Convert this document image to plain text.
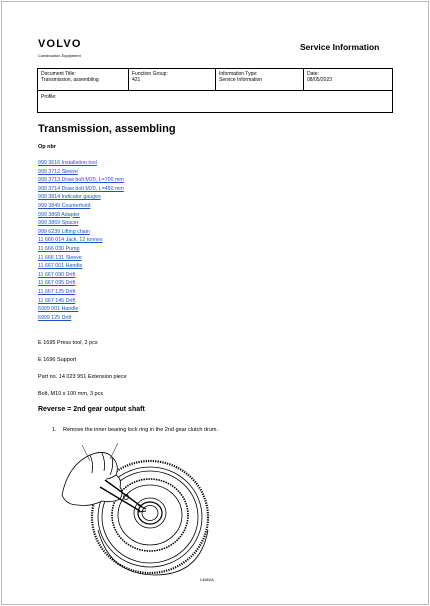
VOLVO
Construction Equipment
Service Information
Document Title:
Transmission, assembling
Function Group:
421
Information Type:
Service Information
Date:
08/05/2023
Profile:
Transmission, assembling
Op nbr
999 3616 Installation tool
999 3712 Sleeve
999 3713 Draw bolt M20, L=700 mm
999 3714 Draw bolt M20, L=450 mm
999 3814 Indicator gauges
999 3849 Counterhold
999 3868 Adapter
999 3869 Spacer
999 6239 Lifting chain
11 666 014 Jack, 12 tonnes
11 666 030 Pump
11 666 131 Sleeve
11 667 001 Handle
11 667 090 Drift
11 667 095 Drift
11 667 125 Drift
11 667 145 Drift
6999 001 Handle
6999 125 Drift
E 1695 Press tool, 2 pcs
E 1696 Support
Part no. 14 023 951 Extension piece
Bolt, M10 x 100 mm, 3 pcs
Reverse = 2nd gear output shaft
1. Remove the inner bearing lock ring in the 2nd gear clutch drum.
L4662A
